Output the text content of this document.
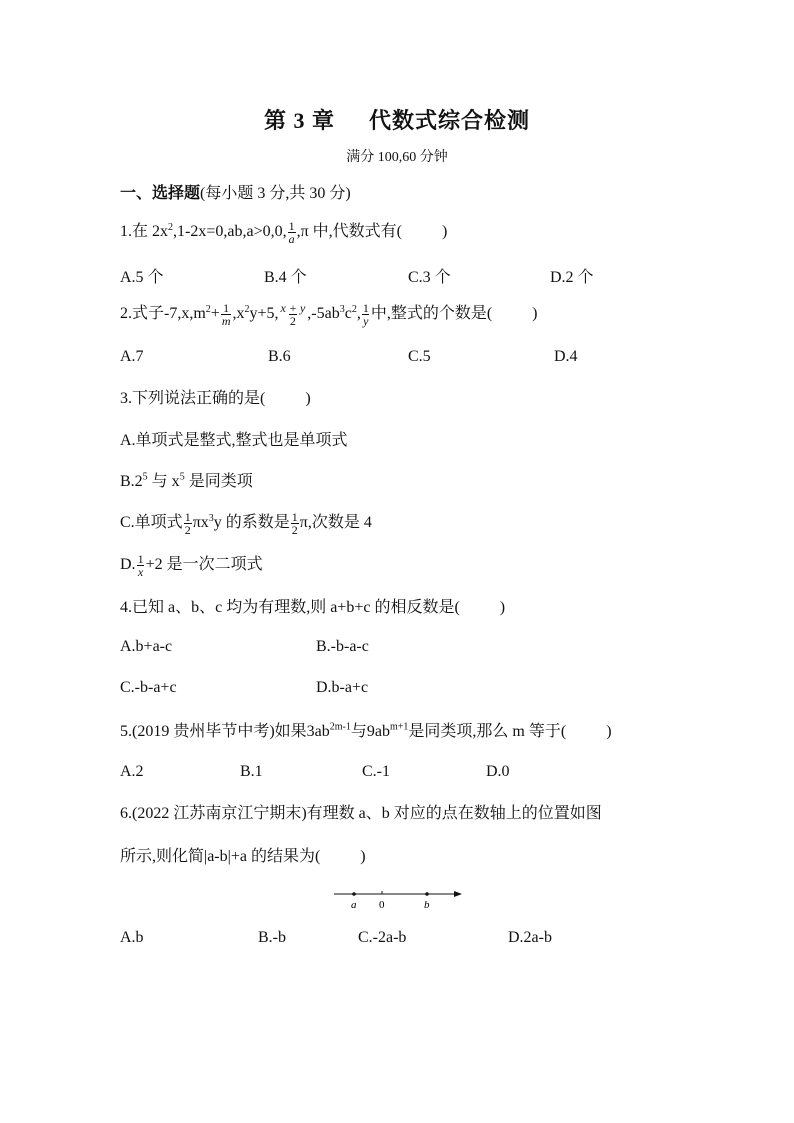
第 3 章 代数式综合检测
满分 100,60 分钟
一、选择题(每小题 3 分,共 30 分)
1.在 $2x^2,1-2x=0,ab,a>0,0$, $\frac{1}{a} ,\pi$ 中,代数式有(	)
A.5 个	B.4 个	C.3 个	D.2 个
2.式子$-7,x,m^2+ \frac{1}{m} ,x^2y+5$, $\frac{x + y}{2} ,-5ab^3c^2$, $\frac{1}{y}$ 中,整式的个数是(	)
A.7	B.6	C.5	D.4
3.下列说法正确的是(	)
A.单项式是整式,整式也是单项式
$B.2^5$ 与 $x^5$ 是同类项
C.单项式 $\frac{1}{2} \pi x^3y$ 的系数是 $\frac{1}{2} \pi$,次数是 4
D. $\frac{1}{x} +2$ 是一次二项式
4.已知 a、b、c 均为有理数,则 a+b+c 的相反数是(	)
A.b+a-c	B.-b-a-c
C.-b-a+c	D.b-a+c
5.(2019 贵州毕节中考)如果$3ab^{2m-1}$与$9ab^{m+1}$是同类项,那么 m 等于(	)
A.2	B.1	C.-1	D.0
6.(2022 江苏南京江宁期末)有理数 a、b 对应的点在数轴上的位置如图
所示,则化简|a-b|+a 的结果为(	)
a 0	b
A.b	B.-b	C.-2a-b	D.2a-b
